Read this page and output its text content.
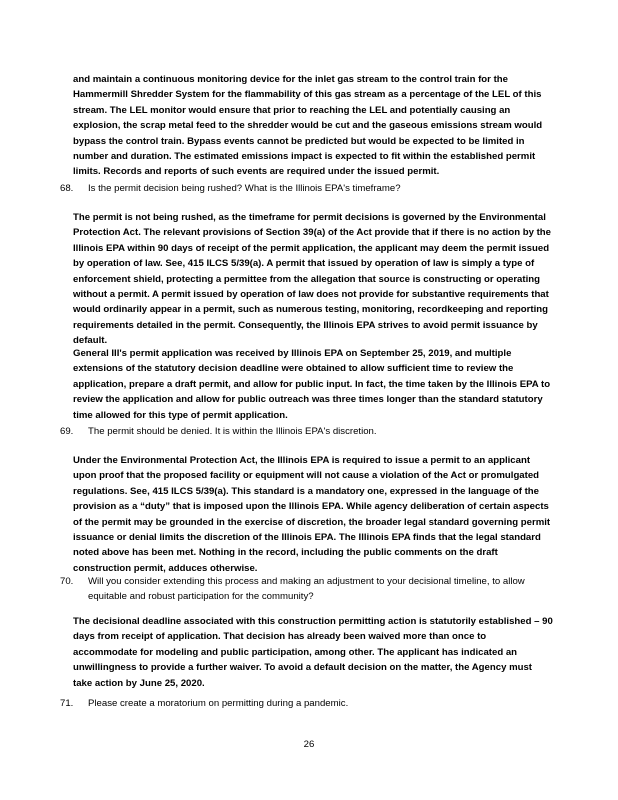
and maintain a continuous monitoring device for the inlet gas stream to the control train for the Hammermill Shredder System for the flammability of this gas stream as a percentage of the LEL of this stream. The LEL monitor would ensure that prior to reaching the LEL and potentially causing an explosion, the scrap metal feed to the shredder would be cut and the gaseous emissions stream would bypass the control train. Bypass events cannot be predicted but would be expected to be limited in number and duration. The estimated emissions impact is expected to fit within the established permit limits. Records and reports of such events are required under the issued permit.

68.	Is the permit decision being rushed? What is the Illinois EPA's timeframe?

The permit is not being rushed, as the timeframe for permit decisions is governed by the Environmental Protection Act. The relevant provisions of Section 39(a) of the Act provide that if there is no action by the Illinois EPA within 90 days of receipt of the permit application, the applicant may deem the permit issued by operation of law. See, 415 ILCS 5/39(a). A permit that issued by operation of law is simply a type of enforcement shield, protecting a permittee from the allegation that source is constructing or operating without a permit. A permit issued by operation of law does not provide for substantive requirements that would ordinarily appear in a permit, such as numerous testing, monitoring, recordkeeping and reporting requirements detailed in the permit. Consequently, the Illinois EPA strives to avoid permit issuance by default.

General III's permit application was received by Illinois EPA on September 25, 2019, and multiple extensions of the statutory decision deadline were obtained to allow sufficient time to review the application, prepare a draft permit, and allow for public input. In fact, the time taken by the Illinois EPA to review the application and allow for public outreach was three times longer than the standard statutory time allowed for this type of permit application.

69.	The permit should be denied. It is within the Illinois EPA's discretion.

Under the Environmental Protection Act, the Illinois EPA is required to issue a permit to an applicant upon proof that the proposed facility or equipment will not cause a violation of the Act or promulgated regulations. See, 415 ILCS 5/39(a). This standard is a mandatory one, expressed in the language of the provision as a “duty” that is imposed upon the Illinois EPA. While agency deliberation of certain aspects of the permit may be grounded in the exercise of discretion, the broader legal standard governing permit issuance or denial limits the discretion of the Illinois EPA. The Illinois EPA finds that the legal standard noted above has been met. Nothing in the record, including the public comments on the draft construction permit, adduces otherwise.

70.	Will you consider extending this process and making an adjustment to your decisional timeline, to allow equitable and robust participation for the community?

The decisional deadline associated with this construction permitting action is statutorily established – 90 days from receipt of application. That decision has already been waived more than once to accommodate for modeling and public participation, among other. The applicant has indicated an unwillingness to provide a further waiver. To avoid a default decision on the matter, the Agency must take action by June 25, 2020.

71.	Please create a moratorium on permitting during a pandemic.
26
